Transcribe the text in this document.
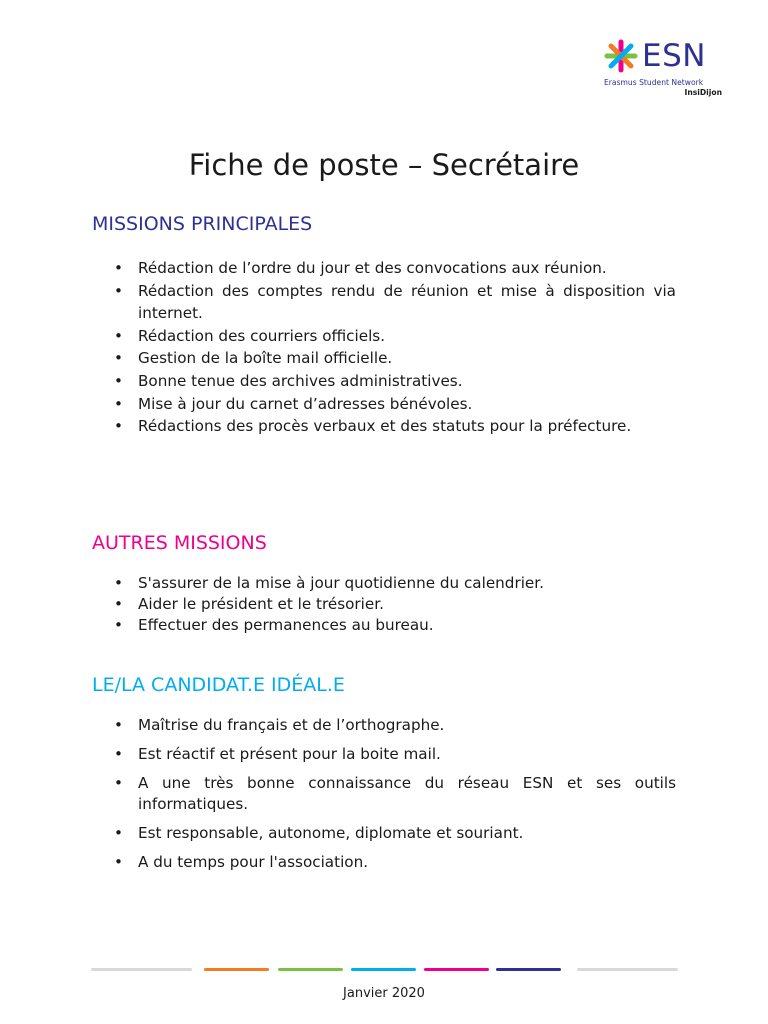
ESN
Erasmus Student Network
InsiDijon
Fiche de poste – Secrétaire
MISSIONS PRINCIPALES
• Rédaction de l’ordre du jour et des convocations aux réunion.
• Rédaction des comptes rendu de réunion et mise à disposition via internet.
• Rédaction des courriers officiels.
• Gestion de la boîte mail officielle.
• Bonne tenue des archives administratives.
• Mise à jour du carnet d’adresses bénévoles.
• Rédactions des procès verbaux et des statuts pour la préfecture.
AUTRES MISSIONS
• S'assurer de la mise à jour quotidienne du calendrier.
• Aider le président et le trésorier.
• Effectuer des permanences au bureau.
LE/LA CANDIDAT.E IDÉAL.E
• Maîtrise du français et de l’orthographe.
• Est réactif et présent pour la boite mail.
• A une très bonne connaissance du réseau ESN et ses outils informatiques.
• Est responsable, autonome, diplomate et souriant.
• A du temps pour l'association.
Janvier 2020
